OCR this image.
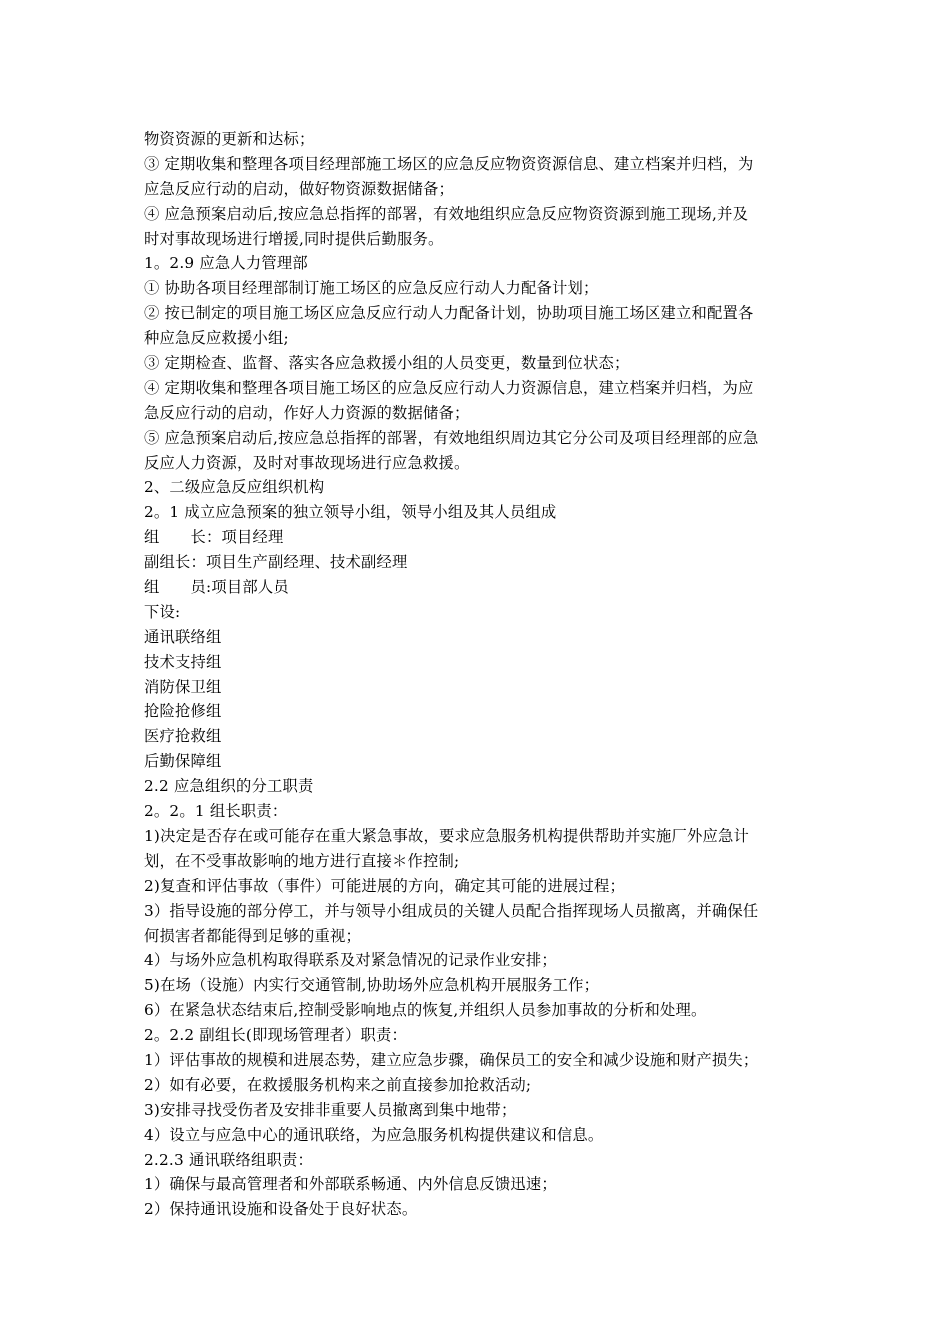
物资资源的更新和达标；
③ 定期收集和整理各项目经理部施工场区的应急反应物资资源信息、建立档案并归档，为
应急反应行动的启动，做好物资源数据储备；
④ 应急预案启动后,按应急总指挥的部署，有效地组织应急反应物资资源到施工现场,并及
时对事故现场进行增援,同时提供后勤服务。
1。2.9 应急人力管理部
① 协助各项目经理部制订施工场区的应急反应行动人力配备计划；
② 按已制定的项目施工场区应急反应行动人力配备计划，协助项目施工场区建立和配置各
种应急反应救援小组;
③ 定期检查、监督、落实各应急救援小组的人员变更，数量到位状态；
④ 定期收集和整理各项目施工场区的应急反应行动人力资源信息，建立档案并归档，为应
急反应行动的启动，作好人力资源的数据储备；
⑤ 应急预案启动后,按应急总指挥的部署，有效地组织周边其它分公司及项目经理部的应急
反应人力资源，及时对事故现场进行应急救援。
2、二级应急反应组织机构
2。1 成立应急预案的独立领导小组，领导小组及其人员组成
组　　长：项目经理
副组长：项目生产副经理、技术副经理
组　　员:项目部人员
下设:
通讯联络组
技术支持组
消防保卫组
抢险抢修组
医疗抢救组
后勤保障组
2.2 应急组织的分工职责
2。2。1 组长职责：
1)决定是否存在或可能存在重大紧急事故，要求应急服务机构提供帮助并实施厂外应急计
划，在不受事故影响的地方进行直接＊作控制;
2)复查和评估事故（事件）可能进展的方向，确定其可能的进展过程；
3）指导设施的部分停工，并与领导小组成员的关键人员配合指挥现场人员撤离，并确保任
何损害者都能得到足够的重视；
4）与场外应急机构取得联系及对紧急情况的记录作业安排；
5)在场（设施）内实行交通管制,协助场外应急机构开展服务工作；
6）在紧急状态结束后,控制受影响地点的恢复,并组织人员参加事故的分析和处理。
2。2.2 副组长(即现场管理者）职责：
1）评估事故的规模和进展态势，建立应急步骤，确保员工的安全和减少设施和财产损失；
2）如有必要，在救援服务机构来之前直接参加抢救活动;
3)安排寻找受伤者及安排非重要人员撤离到集中地带；
4）设立与应急中心的通讯联络，为应急服务机构提供建议和信息。
2.2.3 通讯联络组职责：
1）确保与最高管理者和外部联系畅通、内外信息反馈迅速；
2）保持通讯设施和设备处于良好状态。
